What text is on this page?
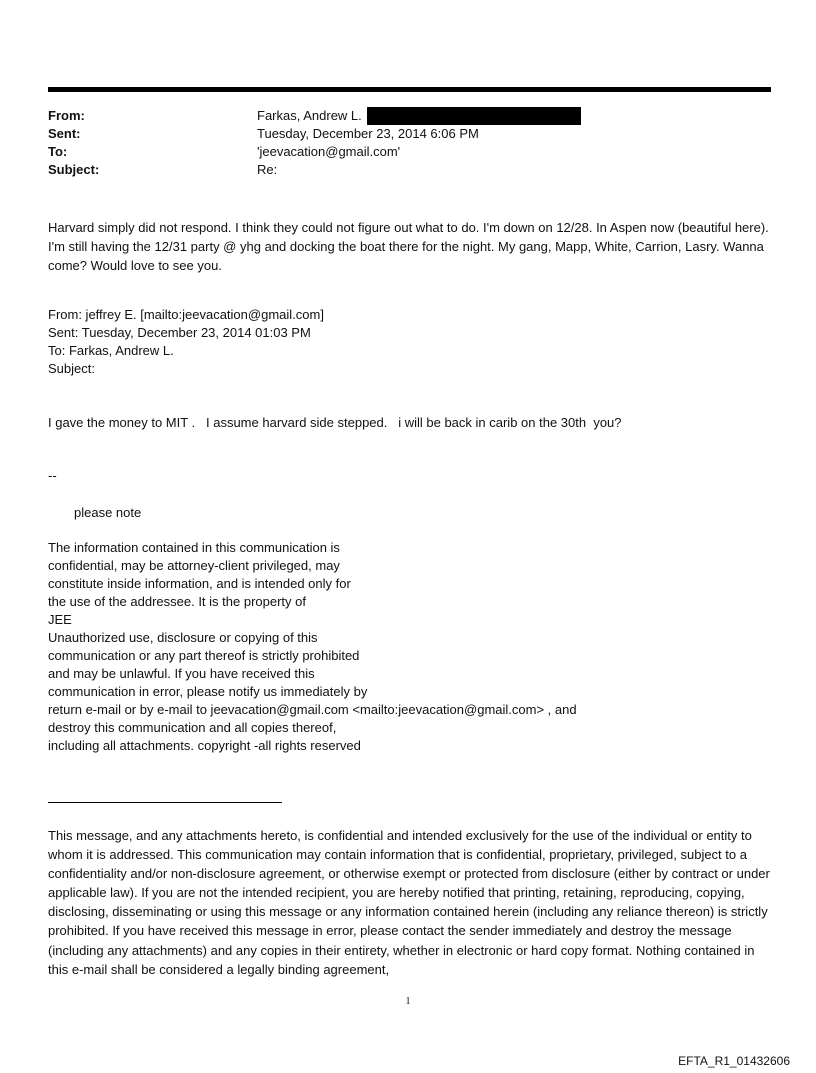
From:	Farkas, Andrew L.
Sent:	Tuesday, December 23, 2014 6:06 PM
To:	'jeevacation@gmail.com'
Subject:	Re:
Harvard simply did not respond. I think they could not figure out what to do. I'm down on 12/28. In Aspen now (beautiful here). I'm still having the 12/31 party @ yhg and docking the boat there for the night. My gang, Mapp, White, Carrion, Lasry. Wanna come? Would love to see you.
From: jeffrey E. [mailto:jeevacation@gmail.com]
Sent: Tuesday, December 23, 2014 01:03 PM
To: Farkas, Andrew L.
Subject:
I gave the money to MIT .   I assume harvard side stepped.   i will be back in carib on the 30th  you?
--
please note
The information contained in this communication is
confidential, may be attorney-client privileged, may
constitute inside information, and is intended only for
the use of the addressee. It is the property of
JEE
Unauthorized use, disclosure or copying of this
communication or any part thereof is strictly prohibited
and may be unlawful. If you have received this
communication in error, please notify us immediately by
return e-mail or by e-mail to jeevacation@gmail.com <mailto:jeevacation@gmail.com> , and
destroy this communication and all copies thereof,
including all attachments. copyright -all rights reserved
This message, and any attachments hereto, is confidential and intended exclusively for the use of the individual or entity to whom it is addressed. This communication may contain information that is confidential, proprietary, privileged, subject to a confidentiality and/or non-disclosure agreement, or otherwise exempt or protected from disclosure (either by contract or under applicable law). If you are not the intended recipient, you are hereby notified that printing, retaining, reproducing, copying, disclosing, disseminating or using this message or any information contained herein (including any reliance thereon) is strictly prohibited. If you have received this message in error, please contact the sender immediately and destroy the message (including any attachments) and any copies in their entirety, whether in electronic or hard copy format. Nothing contained in this e-mail shall be considered a legally binding agreement,
1
EFTA_R1_01432606
